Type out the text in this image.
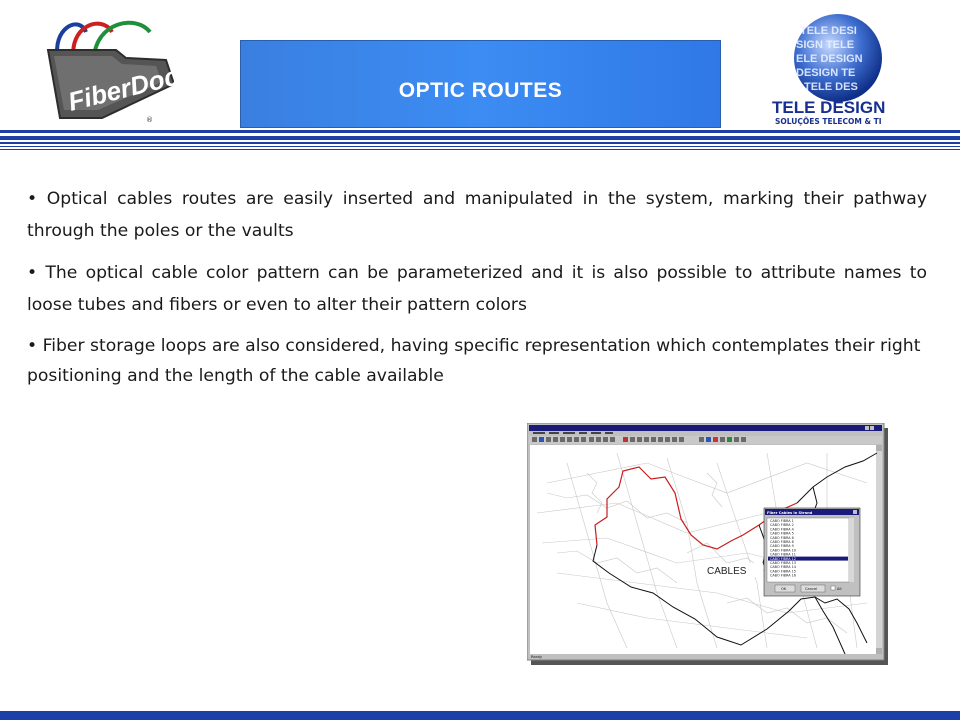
FiberDoc
®
OPTIC ROUTES
TELE DESI
SIGN TELE
ELE DESIGN
DESIGN TE
TELE DES
TELE DESIGN
SOLUÇÕES TELECOM & TI

• Optical cables routes are easily inserted and manipulated in the system, marking their pathway through the poles or the vaults

• The optical cable color pattern can be parameterized and it is also possible to attribute names to loose tubes and fibers or even to alter their pattern colors

• Fiber storage loops are also considered, having specific representation which contemplates their right positioning and the length of the cable available

CABLES
Fiber Cables In Strand
CABO FIBRA 1
CABO FIBRA 2
CABO FIBRA 4
CABO FIBRA 5
CABO FIBRA 6
CABO FIBRA 8
CABO FIBRA 9
CABO FIBRA 10
CABO FIBRA 11
CABO FIBRA 12
CABO FIBRA 13
CABO FIBRA 14
CABO FIBRA 15
CABO FIBRA 16
OK	Cancel	All
Ready
